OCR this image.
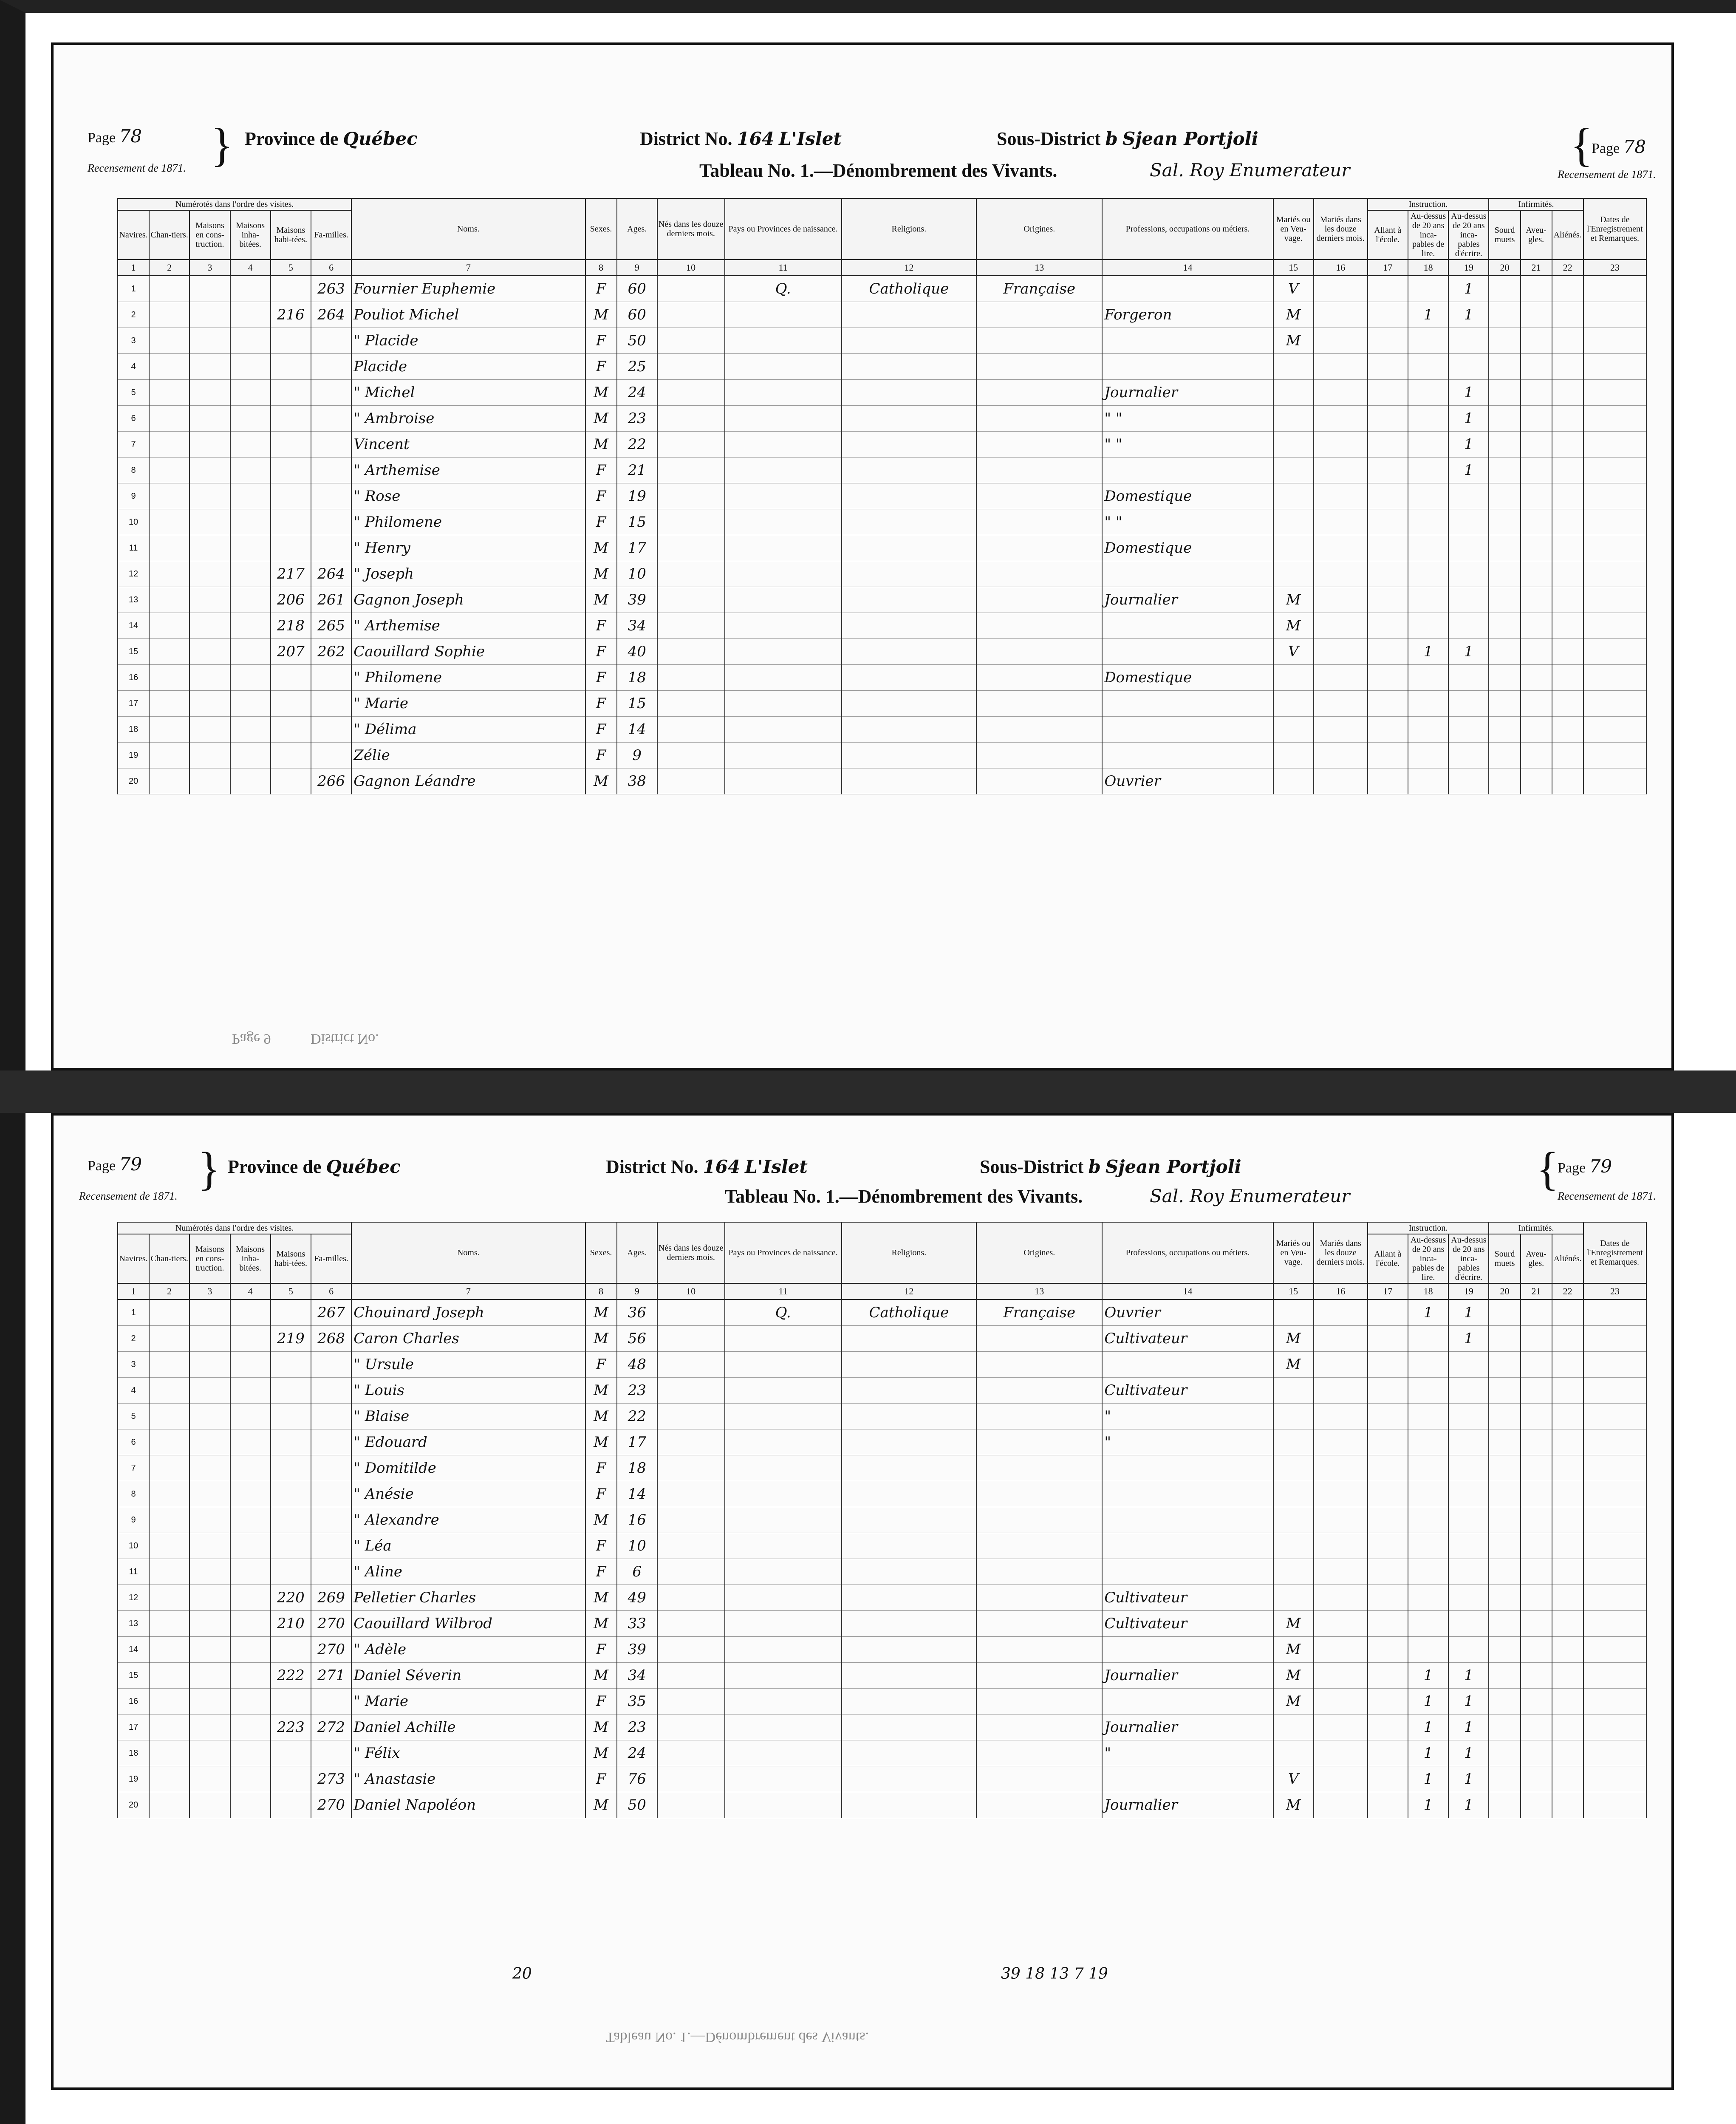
Page 78
Recensement de 1871. } Province de Québec	District No. 164 L'Islet	Sous-District b Sjean Portjoli
Tableau No. 1.—Dénombrement des Vivants.	Sal. Roy Enumerateur	{
Page 78
Recensement de 1871.
Numérotés dans l'ordre des visites.						Noms.	Sexes.	Ages.	Nés dans les douze derniers mois.	Pays ou Provinces de naissance.	Religions.	Origines.	Professions, occupations ou métiers.	Mariés ou en Veu-vage.	Mariés dans les douze derniers mois.	Instruction.			Infirmités.			Dates de l'Enregistrement et Remarques.
Navires.	Chan-tiers.	Maisons en cons-truction.	Maisons inha-bitées.	Maisons habi-tées.	Fa-milles.											Allant à l'école.	Au-dessus de 20 ans inca-pables de lire.	Au-dessus de 20 ans inca-pables d'écrire.	Sourd muets	Aveu-gles.	Aliénés.	
1	2	3	4	5	6	7	8	9	10	11	12	13	14	15	16	17	18	19	20	21	22	23
1					263	Fournier Euphemie	F	60		Q.	Catholique	Française		V				1				
2				216	264	Pouliot Michel	M	60					Forgeron	M			1	1				
3						" Placide	F	50						M								
4						Placide	F	25														
5						" Michel	M	24					Journalier					1				
6						" Ambroise	M	23					" "					1				
7						Vincent	M	22					" "					1				
8						" Arthemise	F	21										1				
9						" Rose	F	19					Domestique									
10						" Philomene	F	15					" "									
11						" Henry	M	17					Domestique									
12				217	264	" Joseph	M	10														
13				206	261	Gagnon Joseph	M	39					Journalier	M								
14				218	265	" Arthemise	F	34						M								
15				207	262	Caouillard Sophie	F	40						V			1	1				
16						" Philomene	F	18					Domestique									
17						" Marie	F	15														
18						" Délima	F	14														
19						Zélie	F	9														
20					266	Gagnon Léandre	M	38					Ouvrier									
Page 9           District No.
Page 79
Recensement de 1871.
} Province de Québec	District No. 164 L'Islet	Sous-District b Sjean Portjoli
Tableau No. 1.—Dénombrement des Vivants.	Sal. Roy Enumerateur
{
Page 79
Recensement de 1871.
Numérotés dans l'ordre des visites.						Noms.	Sexes.	Ages.	Nés dans les douze derniers mois.	Pays ou Provinces de naissance.	Religions.	Origines.	Professions, occupations ou métiers.	Mariés ou en Veu-vage.	Mariés dans les douze derniers mois.	Instruction.			Infirmités.			Dates de l'Enregistrement et Remarques.
Navires.	Chan-tiers.	Maisons en cons-truction.	Maisons inha-bitées.	Maisons habi-tées.	Fa-milles.											Allant à l'école.	Au-dessus de 20 ans inca-pables de lire.	Au-dessus de 20 ans inca-pables d'écrire.	Sourd muets	Aveu-gles.	Aliénés.	
1	2	3	4	5	6	7	8	9	10	11	12	13	14	15	16	17	18	19	20	21	22	23
1					267	Chouinard Joseph	M	36		Q.	Catholique	Française	Ouvrier				1	1				
2				219	268	Caron Charles	M	56					Cultivateur	M				1				
3						" Ursule	F	48						M								
4						" Louis	M	23					Cultivateur									
5						" Blaise	M	22					"									
6						" Edouard	M	17					"									
7						" Domitilde	F	18														
8						" Anésie	F	14														
9						" Alexandre	M	16														
10						" Léa	F	10														
11						" Aline	F	6														
12				220	269	Pelletier Charles	M	49					Cultivateur									
13				210	270	Caouillard Wilbrod	M	33					Cultivateur	M								
14					270	" Adèle	F	39						M								
15				222	271	Daniel Séverin	M	34					Journalier	M			1	1				
16						" Marie	F	35						M			1	1				
17				223	272	Daniel Achille	M	23					Journalier				1	1				
18						" Félix	M	24					"				1	1				
19					273	" Anastasie	F	76						V			1	1				
20					270	Daniel Napoléon	M	50					Journalier	M			1	1				
20	39 18 13 7 19
Tableau No. 1.—Dénombrement des Vivants.
